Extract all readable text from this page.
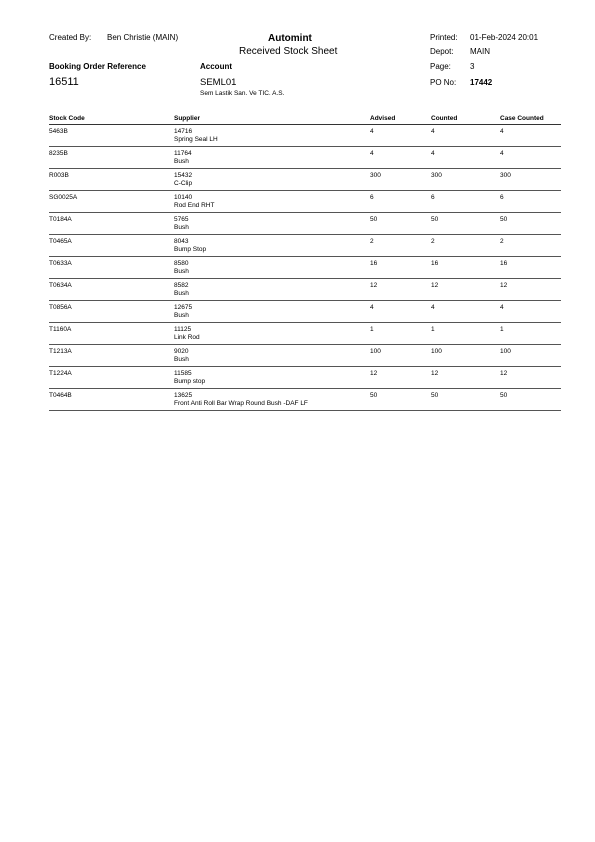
Created By: Ben Christie (MAIN)	Automint
Received Stock Sheet
Printed: 01-Feb-2024 20:01
Depot: MAIN
Page: 3
Booking Order Reference
16511
Account
SEML01
Sem Lastik San. Ve TIC. A.S.
PO No: 17442
Stock Code	Supplier	Advised	Counted	Case Counted
5463B	14716	4	4	4
Spring Seal LH
8235B	11764	4	4	4
Bush
R003B	15432	300	300	300
C-Clip
SG0025A	10140	6	6	6
Rod End RHT
T0184A	5765	50	50	50
Bush
T0465A	8043	2	2	2
Bump Stop
T0633A	8580	16	16	16
Bush
T0634A	8582	12	12	12
Bush
T0856A	12675	4	4	4
Bush
T1160A	11125	1	1	1
Link Rod
T1213A	9020	100	100	100
Bush
T1224A	11585	12	12	12
Bump stop
T0464B	13625	50	50	50
Front Anti Roll Bar Wrap Round Bush -DAF LF
